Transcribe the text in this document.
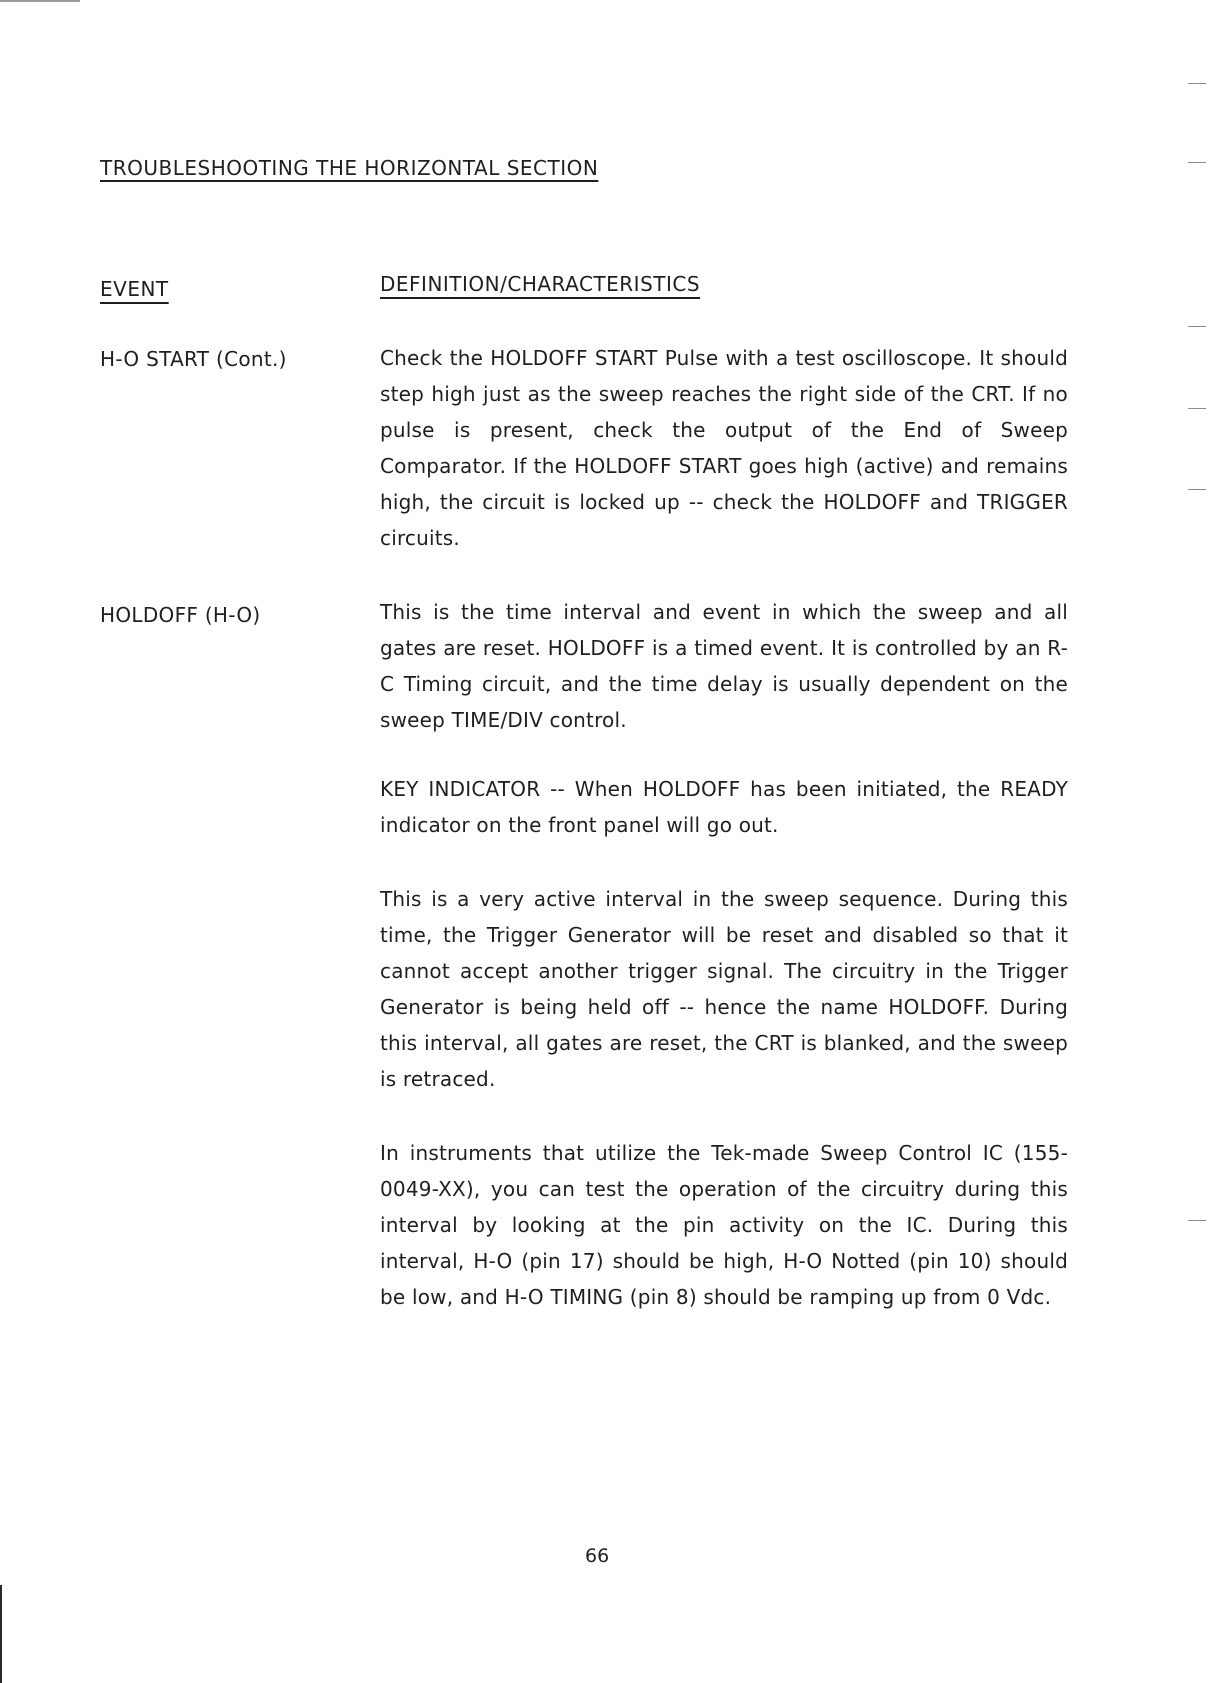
TROUBLESHOOTING THE HORIZONTAL SECTION
EVENT	DEFINITION/CHARACTERISTICS
H-O START (Cont.)	Check the HOLDOFF START Pulse with a test oscilloscope. It should step high just as the sweep reaches the right side of the CRT. If no pulse is present, check the output of the End of Sweep Comparator. If the HOLDOFF START goes high (active) and remains high, the circuit is locked up -- check the HOLDOFF and TRIGGER circuits.
HOLDOFF (H-O)	This is the time interval and event in which the sweep and all gates are reset. HOLDOFF is a timed event. It is controlled by an R-C Timing circuit, and the time delay is usually dependent on the sweep TIME/DIV control.
KEY INDICATOR -- When HOLDOFF has been initiated, the READY indicator on the front panel will go out.
This is a very active interval in the sweep sequence. During this time, the Trigger Generator will be reset and disabled so that it cannot accept another trigger signal. The circuitry in the Trigger Generator is being held off -- hence the name HOLDOFF. During this interval, all gates are reset, the CRT is blanked, and the sweep is retraced.
In instruments that utilize the Tek-made Sweep Control IC (155-0049-XX), you can test the operation of the circuitry during this interval by looking at the pin activity on the IC. During this interval, H-O (pin 17) should be high, H-O Notted (pin 10) should be low, and H-O TIMING (pin 8) should be ramping up from 0 Vdc.
66
